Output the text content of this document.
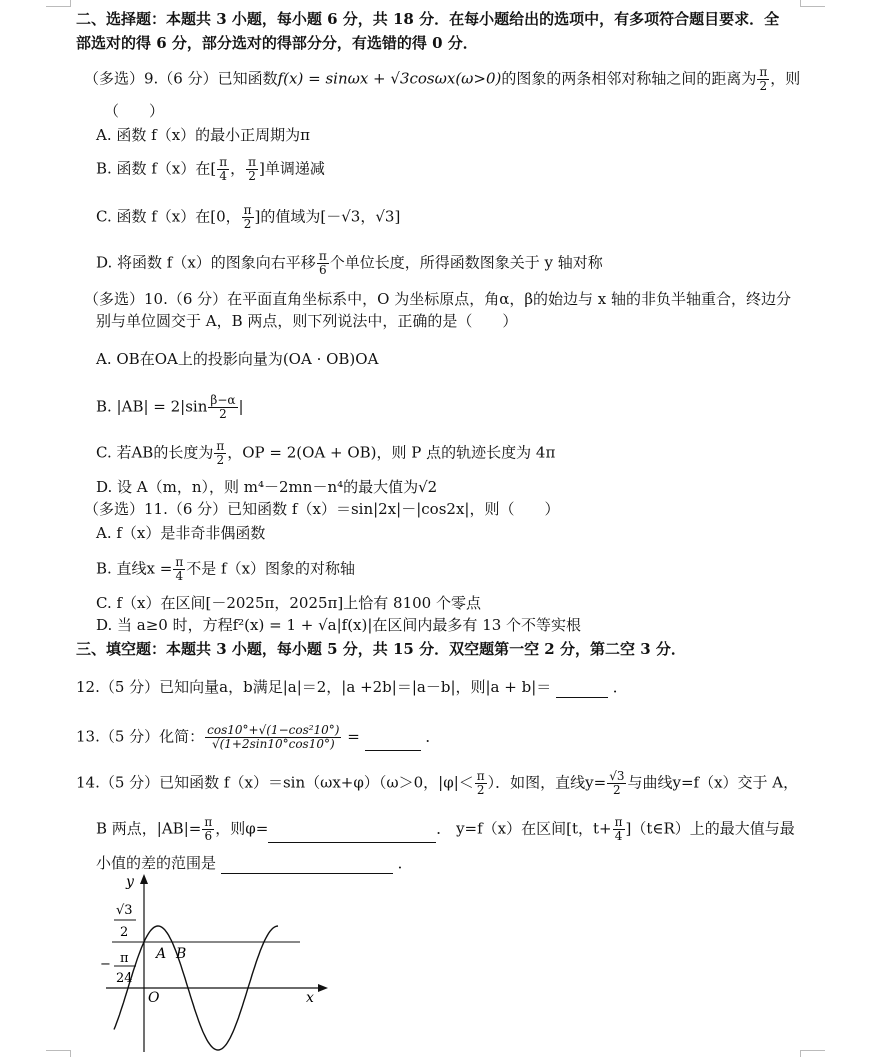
二、选择题：本题共 3 小题，每小题 6 分，共 18 分．在每小题给出的选项中，有多项符合题目要求．全
部选对的得 6 分，部分选对的得部分分，有选错的得 0 分．
（多选）9.（6 分）已知函数f(x) = sinωx + √3cosωx(ω>0)的图象的两条相邻对称轴之间的距离为 $\frac{\pi}{2}$ ，则
（　　）
A. 函数 f（x）的最小正周期为π
B. 函数 f（x）在[ $\frac{\pi}{4}$ ， $\frac{\pi}{2}$ ]单调递减
C. 函数 f（x）在[0， $\frac{\pi}{2}$ ]的值域为[－√3，√3]
D. 将函数 f（x）的图象向右平移 $\frac{\pi}{6}$ 个单位长度，所得函数图象关于 y 轴对称
（多选）10.（6 分）在平面直角坐标系中，O 为坐标原点，角α，β的始边与 x 轴的非负半轴重合，终边分
别与单位圆交于 A，B 两点，则下列说法中，正确的是（　　）
A. OB在OA上的投影向量为(OA · OB)OA
B. $|AB| = 2|\sin \frac{\beta-\alpha}{2}$ |
C. 若AB的长度为 $\frac{\pi}{2}$ ，OP = 2(OA + OB)，则 P 点的轨迹长度为 4π
D. 设 A（m，n），则 m⁴－2mn－n⁴的最大值为√2
（多选）11.（6 分）已知函数 f（x）＝sin|2x|－|cos2x|，则（　　）
A. f（x）是非奇非偶函数
B. 直线$x = \frac{\pi}{4}$ 不是 f（x）图象的对称轴
C. f（x）在区间[－2025π，2025π]上恰有 8100 个零点
D. 当 a≥0 时，方程f²(x) = 1 + √a|f(x)|在区间内最多有 13 个不等实根
三、填空题：本题共 3 小题，每小题 5 分，共 15 分．双空题第一空 2 分，第二空 3 分．
12.（5 分）已知向量a，b满足|a|＝2，|a +2b|＝|a－b|，则|a + b|＝	．
13.（5 分）化简： $\frac{\text{cos10°+√(1−cos²10°)}}{√(1+2\sin 10^\circ\cos 10^\circ)}$ =	．
14.（5 分）已知函数 f（x）＝sin（ωx+φ）（ω＞0，$|\varphi|< \frac{\pi}{2}$ ）．如图，直线$y= \frac{√3}{2}$ 与曲线y=f（x）交于 A，
B 两点，$|AB|= \frac{\pi}{6}$ ，则φ=	． y=f（x）在区间[t，$t+ \frac{\pi}{4}$ ]（t∈R）上的最大值与最
小值的差的范围是	．
y
x
O
√3
2
− π
24
A B
